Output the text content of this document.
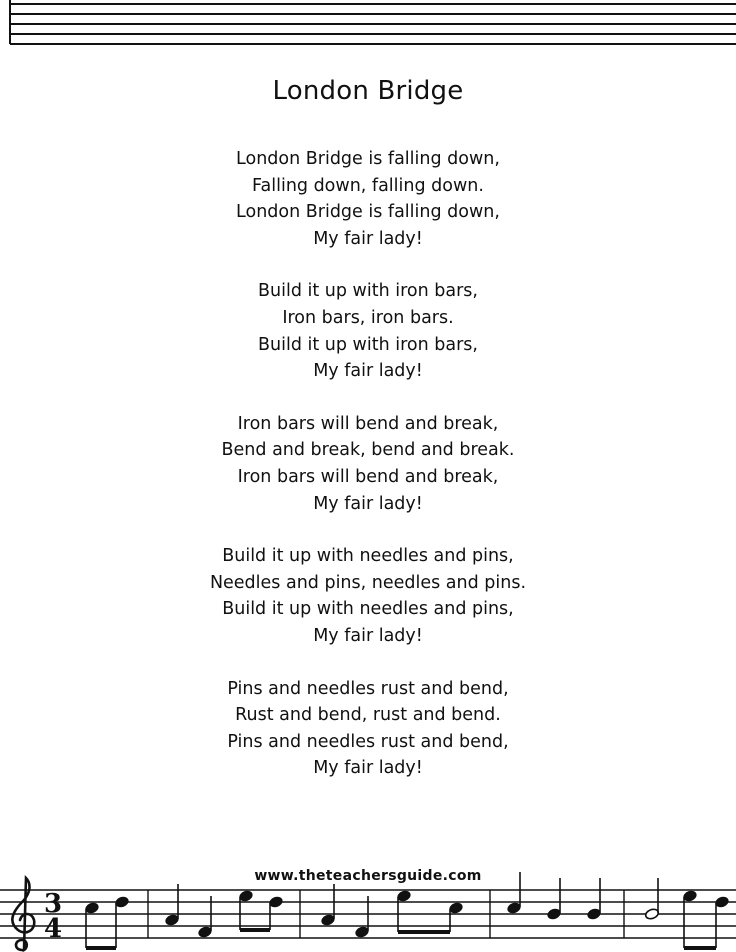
London Bridge
London Bridge is falling down,
Falling down, falling down.
London Bridge is falling down,
My fair lady!
Build it up with iron bars,
Iron bars, iron bars.
Build it up with iron bars,
My fair lady!
Iron bars will bend and break,
Bend and break, bend and break.
Iron bars will bend and break,
My fair lady!
Build it up with needles and pins,
Needles and pins, needles and pins.
Build it up with needles and pins,
My fair lady!
Pins and needles rust and bend,
Rust and bend, rust and bend.
Pins and needles rust and bend,
My fair lady!
www.theteachersguide.com
3
4
